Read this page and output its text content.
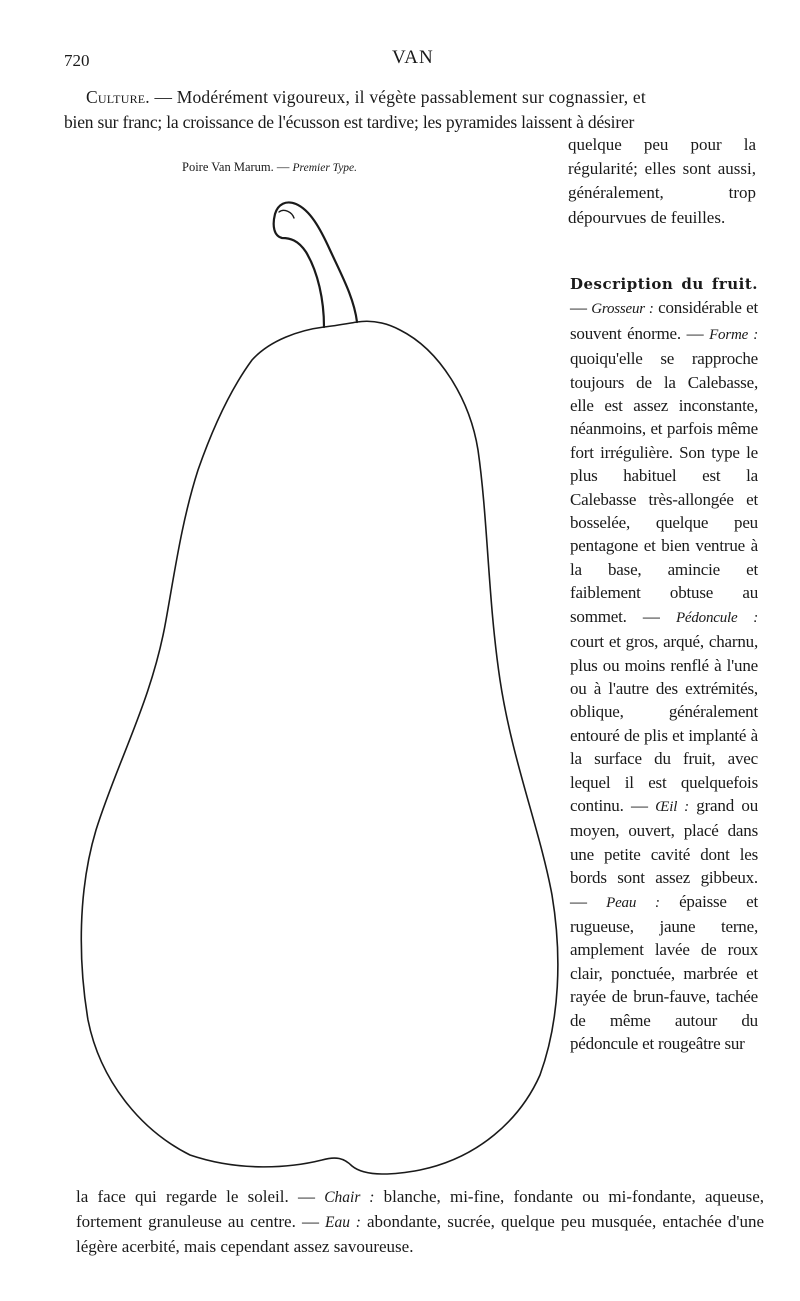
720	VAN
Culture. — Modérément vigoureux, il végète passablement sur cognassier, et
bien sur franc; la croissance de l'écusson est tardive; les pyramides laissent à désirer
Poire Van Marum. — Premier Type.
quelque peu pour la régularité; elles sont aussi, généralement, trop dépourvues de feuilles.
Description du fruit. — Grosseur : considérable et souvent énorme. — Forme : quoiqu'elle se rapproche toujours de la Calebasse, elle est assez inconstante, néanmoins, et parfois même fort irrégulière. Son type le plus habituel est la Calebasse très-allongée et bosselée, quelque peu pentagone et bien ventrue à la base, amincie et faiblement obtuse au sommet. — Pédoncule : court et gros, arqué, charnu, plus ou moins renflé à l'une ou à l'autre des extrémités, oblique, généralement entouré de plis et implanté à la surface du fruit, avec lequel il est quelquefois continu. — Œil : grand ou moyen, ouvert, placé dans une petite cavité dont les bords sont assez gibbeux. — Peau : épaisse et rugueuse, jaune terne, amplement lavée de roux clair, ponctuée, marbrée et rayée de brun-fauve, tachée de même autour du pédoncule et rougeâtre sur
la face qui regarde le soleil. — Chair : blanche, mi-fine, fondante ou mi-fondante, aqueuse, fortement granuleuse au centre. — Eau : abondante, sucrée, quelque peu musquée, entachée d'une légère acerbité, mais cependant assez savoureuse.
